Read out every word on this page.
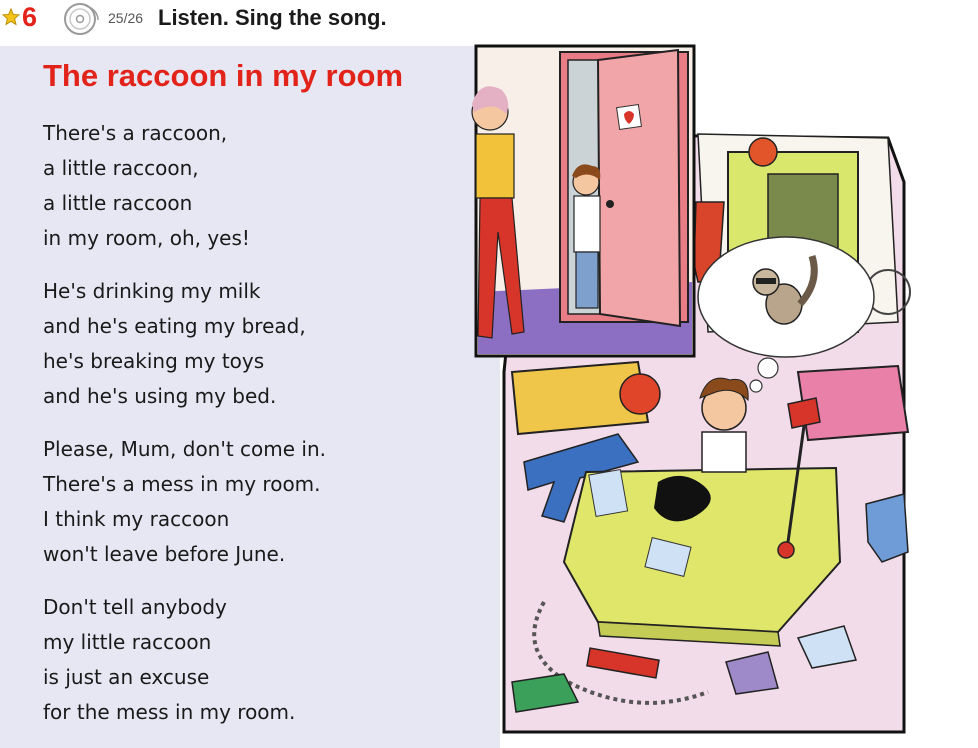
6	25/26 Listen. Sing the song.
The raccoon in my room
There's a raccoon,
a little raccoon,
a little raccoon
in my room, oh, yes!
He's drinking my milk
and he's eating my bread,
he's breaking my toys
and he's using my bed.
Please, Mum, don't come in.
There's a mess in my room.
I think my raccoon
won't leave before June.
Don't tell anybody
my little raccoon
is just an excuse
for the mess in my room.
